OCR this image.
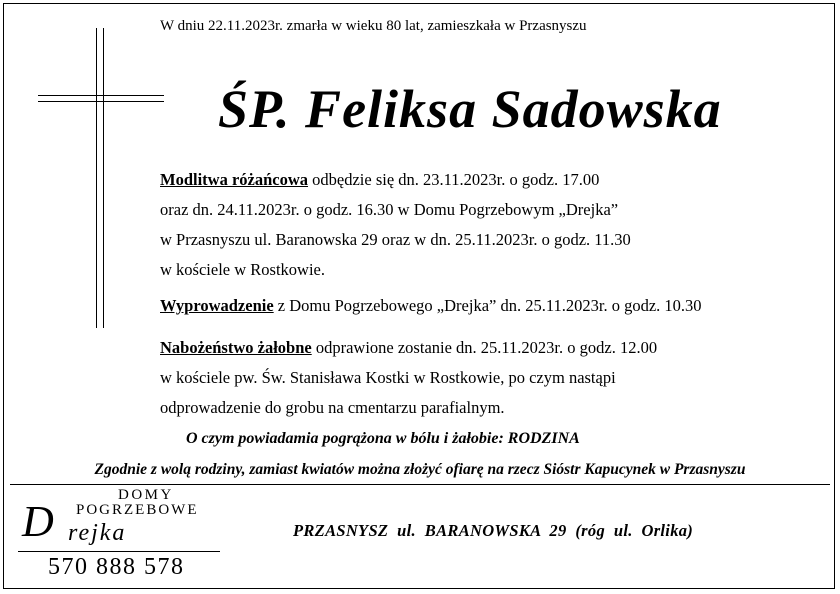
W dniu 22.11.2023r. zmarła w wieku 80 lat, zamieszkała w Przasnyszu
ŚP. Feliksa Sadowska
Modlitwa różańcowa odbędzie się dn. 23.11.2023r. o godz. 17.00
oraz dn. 24.11.2023r. o godz. 16.30 w Domu Pogrzebowym „Drejka”
w Przasnyszu ul. Baranowska 29 oraz w dn. 25.11.2023r. o godz. 11.30
w kościele w Rostkowie.
Wyprowadzenie z Domu Pogrzebowego „Drejka” dn. 25.11.2023r. o godz. 10.30
Nabożeństwo żałobne odprawione zostanie dn. 25.11.2023r. o godz. 12.00
w kościele pw. Św. Stanisława Kostki w Rostkowie, po czym nastąpi
odprowadzenie do grobu na cmentarzu parafialnym.
O czym powiadamia pogrążona w bólu i żałobie: RODZINA
Zgodnie z wolą rodziny, zamiast kwiatów można złożyć ofiarę na rzecz Sióstr Kapucynek w Przasnyszu
DOMY
POGRZEBOWE
D rejka
570 888 578
PRZASNYSZ  ul.  BARANOWSKA  29  (róg  ul.  Orlika)
